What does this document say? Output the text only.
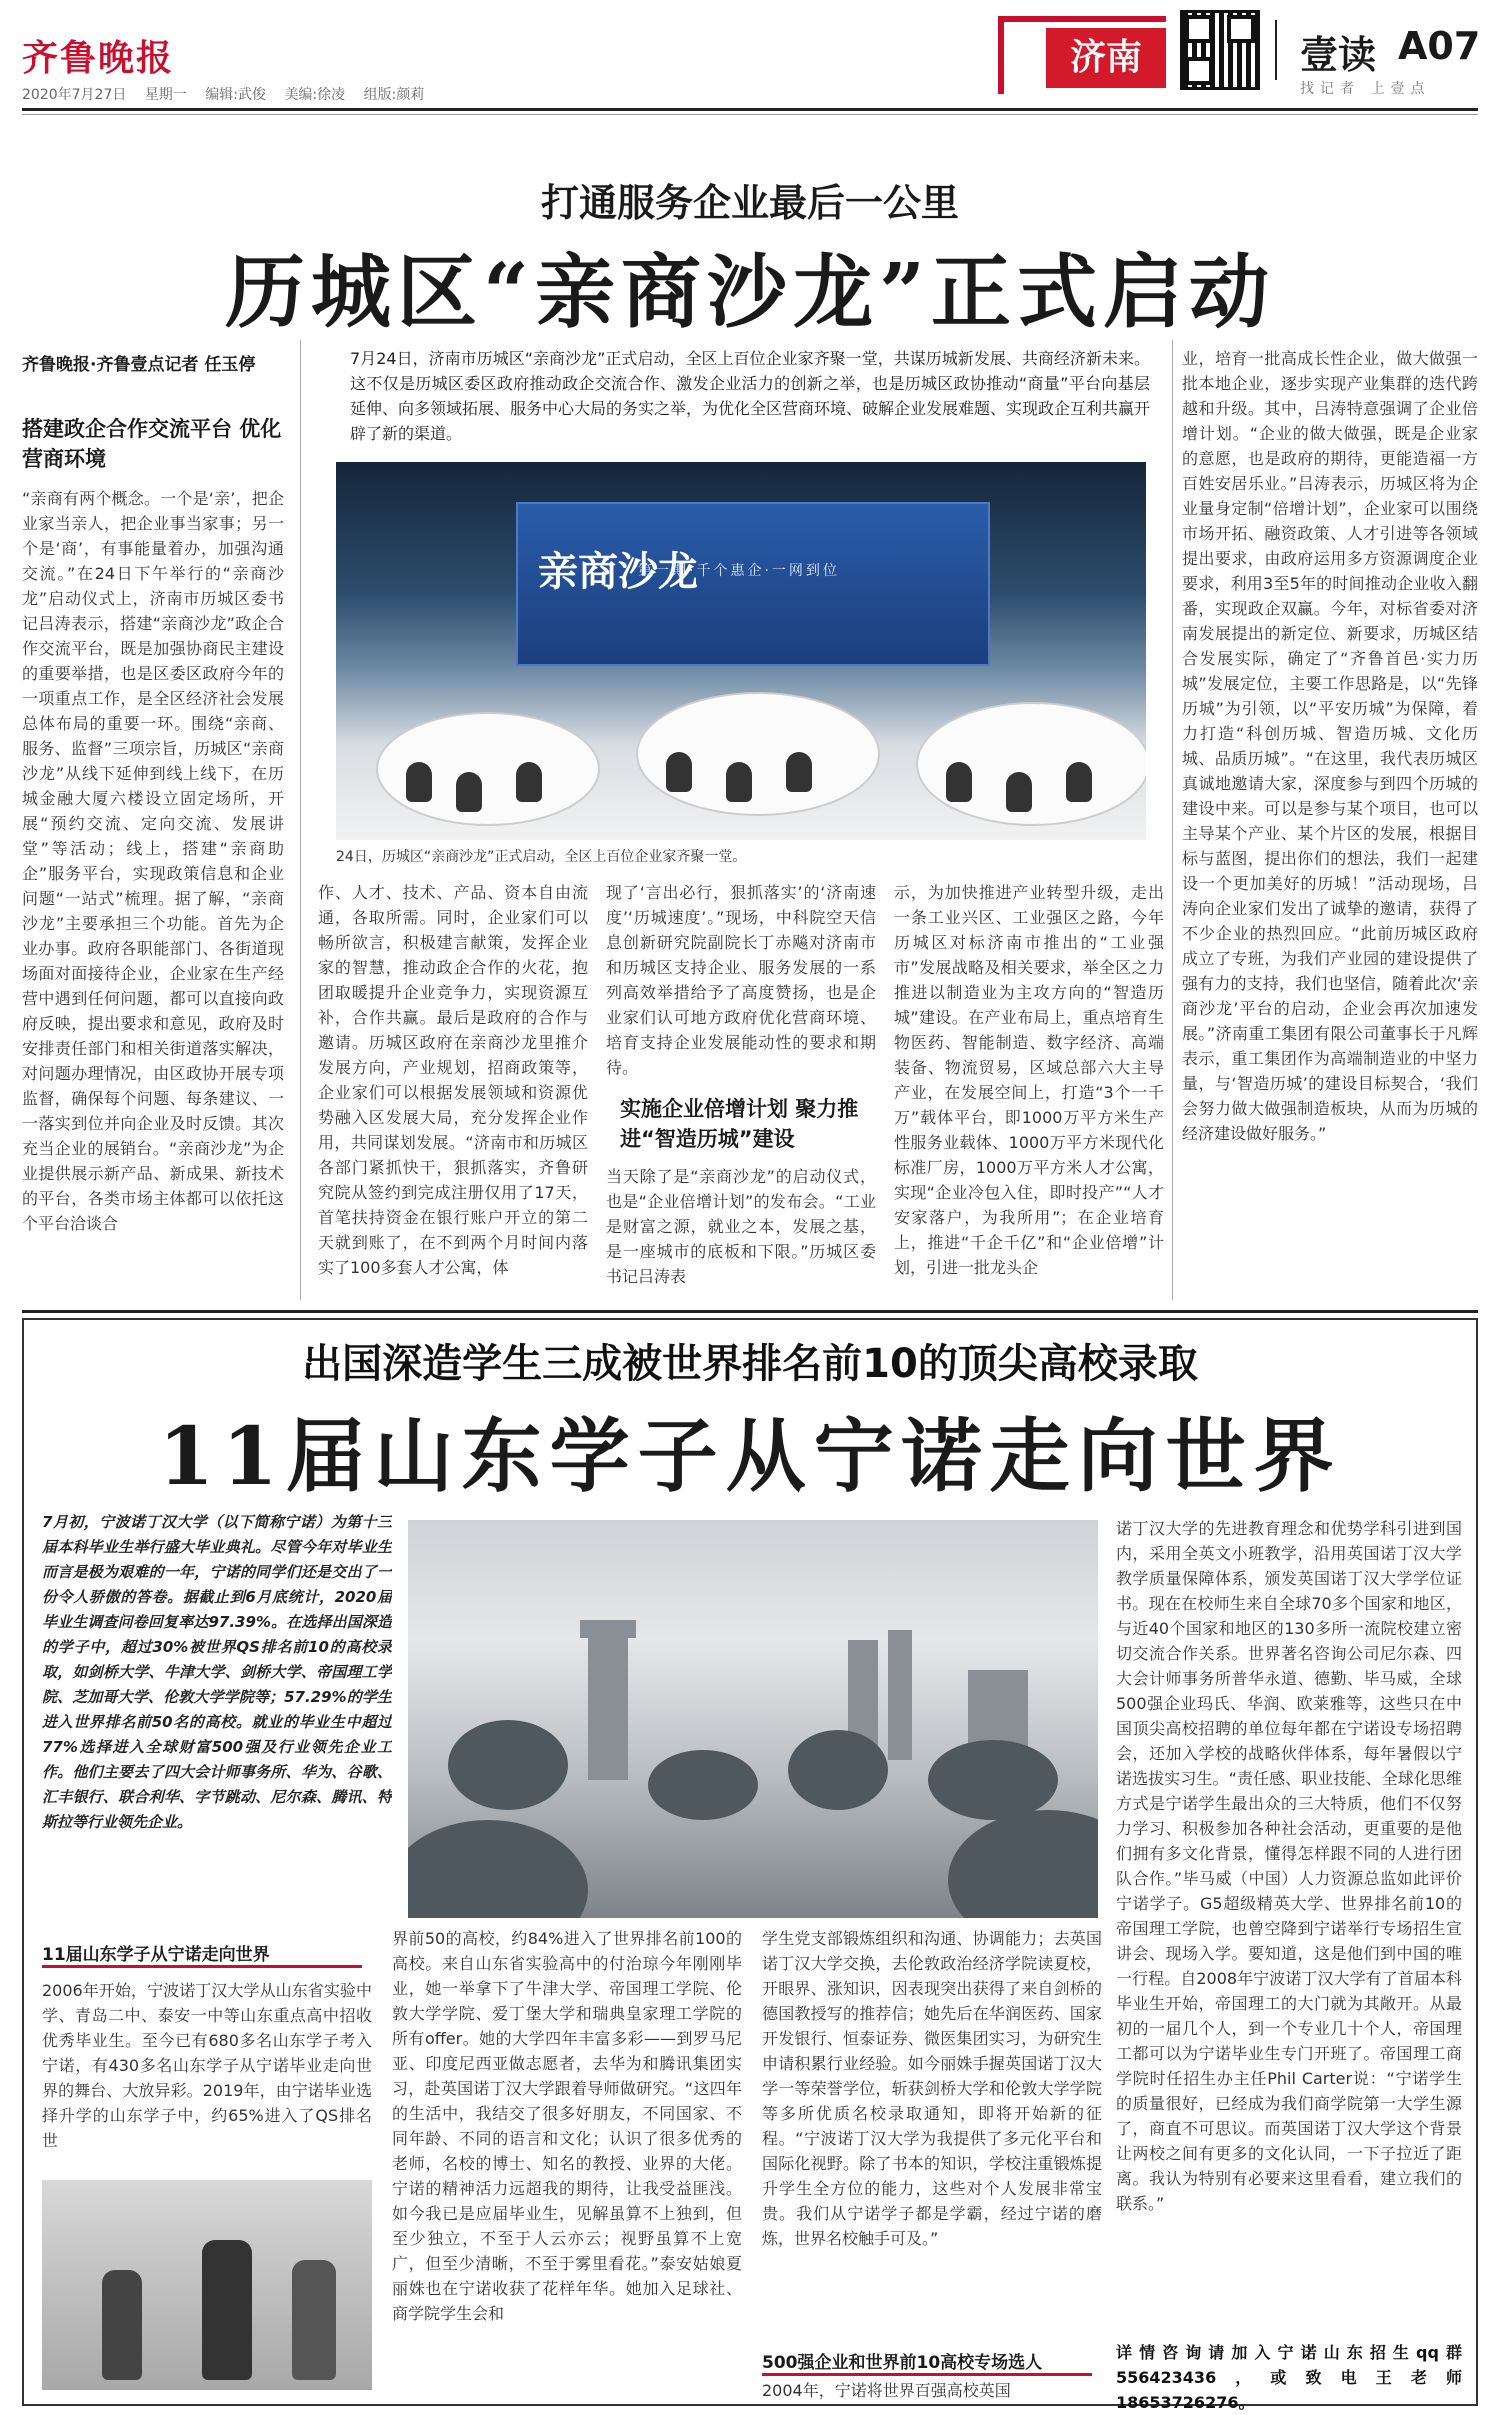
齐鲁晚报
2020年7月27日 星期一 编辑:武俊 美编:徐凌 组版:颜莉
济南	壹读 A07
找记者 上壹点
打通服务企业最后一公里
历城区“亲商沙龙”正式启动
齐鲁晚报·齐鲁壹点记者 任玉停
搭建政企合作交流平台 优化营商环境
“亲商有两个概念。一个是‘亲’，把企业家当亲人，把企业事当家事；另一个是‘商’，有事能量着办，加强沟通交流。”在24日下午举行的“亲商沙龙”启动仪式上，济南市历城区委书记吕涛表示，搭建“亲商沙龙”政企合作交流平台，既是加强协商民主建设的重要举措，也是区委区政府今年的一项重点工作，是全区经济社会发展总体布局的重要一环。围绕“亲商、服务、监督”三项宗旨，历城区“亲商沙龙”从线下延伸到线上线下，在历城金融大厦六楼设立固定场所，开展“预约交流、定向交流、发展讲堂”等活动；线上，搭建“亲商助企”服务平台，实现政策信息和企业问题“一站式”梳理。据了解，“亲商沙龙”主要承担三个功能。首先为企业办事。政府各职能部门、各街道现场面对面接待企业，企业家在生产经营中遇到任何问题，都可以直接向政府反映，提出要求和意见，政府及时安排责任部门和相关街道落实解决，对问题办理情况，由区政协开展专项监督，确保每个问题、每条建议、一一落实到位并向企业及时反馈。其次充当企业的展销台。“亲商沙龙”为企业提供展示新产品、新成果、新技术的平台，各类市场主体都可以依托这个平台洽谈合
7月24日，济南市历城区“亲商沙龙”正式启动，全区上百位企业家齐聚一堂，共谋历城新发展、共商经济新未来。这不仅是历城区委区政府推动政企交流合作、激发企业活力的创新之举，也是历城区政协推动“商量”平台向基层延伸、向多领域拓展、服务中心大局的务实之举，为优化全区营商环境、破解企业发展难题、实现政企互利共赢开辟了新的渠道。
亲商沙龙
第一期·千个惠企·一网到位
24日，历城区“亲商沙龙”正式启动，全区上百位企业家齐聚一堂。
作、人才、技术、产品、资本自由流通，各取所需。同时，企业家们可以畅所欲言，积极建言献策，发挥企业家的智慧，推动政企合作的火花，抱团取暖提升企业竞争力，实现资源互补，合作共赢。最后是政府的合作与邀请。历城区政府在亲商沙龙里推介发展方向，产业规划，招商政策等，企业家们可以根据发展领域和资源优势融入区发展大局，充分发挥企业作用，共同谋划发展。“济南市和历城区各部门紧抓快干，狠抓落实，齐鲁研究院从签约到完成注册仅用了17天，首笔扶持资金在银行账户开立的第二天就到账了，在不到两个月时间内落实了100多套人才公寓，体
现了‘言出必行，狠抓落实’的‘济南速度’‘历城速度’。”现场，中科院空天信息创新研究院副院长丁赤飚对济南市和历城区支持企业、服务发展的一系列高效举措给予了高度赞扬，也是企业家们认可地方政府优化营商环境、培育支持企业发展能动性的要求和期待。
实施企业倍增计划 聚力推进“智造历城”建设
当天除了是“亲商沙龙”的启动仪式，也是“企业倍增计划”的发布会。“工业是财富之源，就业之本，发展之基，是一座城市的底板和下限。”历城区委书记吕涛表
示，为加快推进产业转型升级，走出一条工业兴区、工业强区之路，今年历城区对标济南市推出的“工业强市”发展战略及相关要求，举全区之力推进以制造业为主攻方向的“智造历城”建设。在产业布局上，重点培育生物医药、智能制造、数字经济、高端装备、物流贸易，区域总部六大主导产业，在发展空间上，打造“3个一千万”载体平台，即1000万平方米生产性服务业载体、1000万平方米现代化标准厂房，1000万平方米人才公寓，实现“企业冷包入住，即时投产”“人才安家落户，为我所用”；在企业培育上，推进“千企千亿”和“企业倍增”计划，引进一批龙头企
业，培育一批高成长性企业，做大做强一批本地企业，逐步实现产业集群的迭代跨越和升级。其中，吕涛特意强调了企业倍增计划。“企业的做大做强，既是企业家的意愿，也是政府的期待，更能造福一方百姓安居乐业。”吕涛表示，历城区将为企业量身定制“倍增计划”，企业家可以围绕市场开拓、融资政策、人才引进等各领域提出要求，由政府运用多方资源调度企业要求，利用3至5年的时间推动企业收入翻番，实现政企双赢。今年，对标省委对济南发展提出的新定位、新要求，历城区结合发展实际，确定了“齐鲁首邑·实力历城”发展定位，主要工作思路是，以“先锋历城”为引领，以“平安历城”为保障，着力打造“科创历城、智造历城、文化历城、品质历城”。“在这里，我代表历城区真诚地邀请大家，深度参与到四个历城的建设中来。可以是参与某个项目，也可以主导某个产业、某个片区的发展，根据目标与蓝图，提出你们的想法，我们一起建设一个更加美好的历城！”活动现场，吕涛向企业家们发出了诚挚的邀请，获得了不少企业的热烈回应。“此前历城区政府成立了专班，为我们产业园的建设提供了强有力的支持，我们也坚信，随着此次‘亲商沙龙’平台的启动，企业会再次加速发展。”济南重工集团有限公司董事长于凡辉表示，重工集团作为高端制造业的中坚力量，与‘智造历城’的建设目标契合，‘我们会努力做大做强制造板块，从而为历城的经济建设做好服务。”
出国深造学生三成被世界排名前10的顶尖高校录取
11届山东学子从宁诺走向世界
7月初，宁波诺丁汉大学（以下简称宁诺）为第十三届本科毕业生举行盛大毕业典礼。尽管今年对毕业生而言是极为艰难的一年，宁诺的同学们还是交出了一份令人骄傲的答卷。据截止到6月底统计，2020届毕业生调查问卷回复率达97.39%。在选择出国深造的学子中，超过30%被世界QS排名前10的高校录取，如剑桥大学、牛津大学、剑桥大学、帝国理工学院、芝加哥大学、伦敦大学学院等；57.29%的学生进入世界排名前50名的高校。就业的毕业生中超过77%选择进入全球财富500强及行业领先企业工作。他们主要去了四大会计师事务所、华为、谷歌、汇丰银行、联合利华、字节跳动、尼尔森、腾讯、特斯拉等行业领先企业。
诺丁汉大学的先进教育理念和优势学科引进到国内，采用全英文小班教学，沿用英国诺丁汉大学教学质量保障体系，颁发英国诺丁汉大学学位证书。现在在校师生来自全球70多个国家和地区，与近40个国家和地区的130多所一流院校建立密切交流合作关系。世界著名咨询公司尼尔森、四大会计师事务所普华永道、德勤、毕马威，全球500强企业玛氏、华润、欧莱雅等，这些只在中国顶尖高校招聘的单位每年都在宁诺设专场招聘会，还加入学校的战略伙伴体系，每年暑假以宁诺选拔实习生。“责任感、职业技能、全球化思维方式是宁诺学生最出众的三大特质，他们不仅努力学习、积极参加各种社会活动，更重要的是他们拥有多文化背景，懂得怎样跟不同的人进行团队合作。”毕马威（中国）人力资源总监如此评价宁诺学子。G5超级精英大学、世界排名前10的帝国理工学院，也曾空降到宁诺举行专场招生宣讲会、现场入学。要知道，这是他们到中国的唯一行程。自2008年宁波诺丁汉大学有了首届本科毕业生开始，帝国理工的大门就为其敞开。从最初的一届几个人，到一个专业几十个人，帝国理工都可以为宁诺毕业生专门开班了。帝国理工商学院时任招生办主任Phil Carter说：“宁诺学生的质量很好，已经成为我们商学院第一大学生源了，商直不可思议。而英国诺丁汉大学这个背景让两校之间有更多的文化认同，一下子拉近了距离。我认为特别有必要来这里看看，建立我们的联系。”
11届山东学子从宁诺走向世界
2006年开始，宁波诺丁汉大学从山东省实验中学、青岛二中、泰安一中等山东重点高中招收优秀毕业生。至今已有680多名山东学子考入宁诺，有430多名山东学子从宁诺毕业走向世界的舞台、大放异彩。2019年，由宁诺毕业选择升学的山东学子中，约65%进入了QS排名世
界前50的高校，约84%进入了世界排名前100的高校。来自山东省实验高中的付治琼今年刚刚毕业，她一举拿下了牛津大学、帝国理工学院、伦敦大学学院、爱丁堡大学和瑞典皇家理工学院的所有offer。她的大学四年丰富多彩——到罗马尼亚、印度尼西亚做志愿者，去华为和腾讯集团实习，赴英国诺丁汉大学跟着导师做研究。“这四年的生活中，我结交了很多好朋友，不同国家、不同年龄、不同的语言和文化；认识了很多优秀的老师，名校的博士、知名的教授、业界的大佬。宁诺的精神活力远超我的期待，让我受益匪浅。如今我已是应届毕业生，见解虽算不上独到，但至少独立，不至于人云亦云；视野虽算不上宽广，但至少清晰，不至于雾里看花。”泰安姑娘夏丽姝也在宁诺收获了花样年华。她加入足球社、商学院学生会和
学生党支部锻炼组织和沟通、协调能力；去英国诺丁汉大学交换，去伦敦政治经济学院读夏校，开眼界、涨知识，因表现突出获得了来自剑桥的德国教授写的推荐信；她先后在华润医药、国家开发银行、恒泰证券、微医集团实习，为研究生申请积累行业经验。如今丽姝手握英国诺丁汉大学一等荣誉学位，斩获剑桥大学和伦敦大学学院等多所优质名校录取通知，即将开始新的征程。“宁波诺丁汉大学为我提供了多元化平台和国际化视野。除了书本的知识，学校注重锻炼提升学生全方位的能力，这些对个人发展非常宝贵。我们从宁诺学子都是学霸，经过宁诺的磨炼，世界名校触手可及。”
500强企业和世界前10高校专场选人
2004年，宁诺将世界百强高校英国
详情咨询请加入宁诺山东招生qq群556423436，或致电王老师18653726276。
